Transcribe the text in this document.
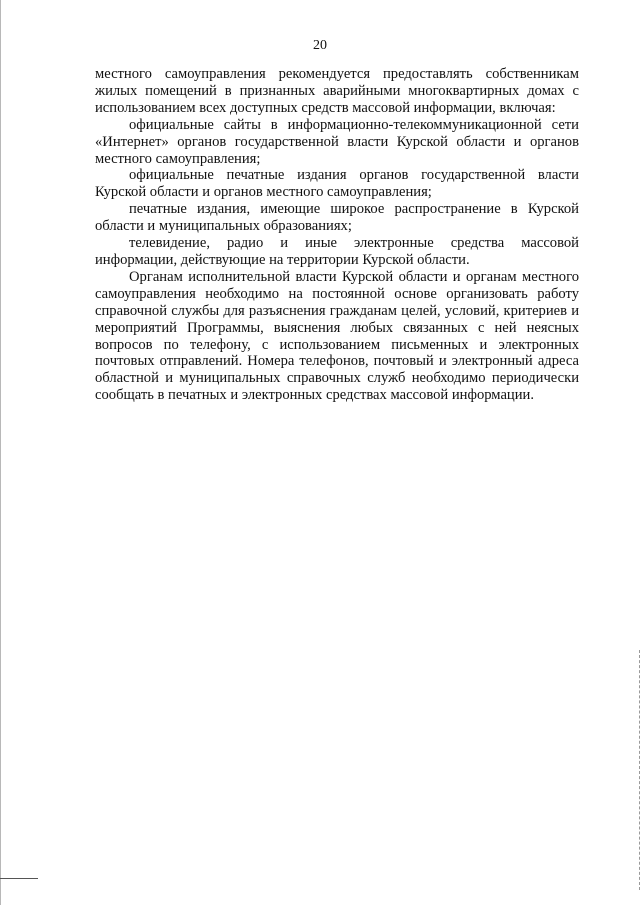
20

местного самоуправления рекомендуется предоставлять собственникам жилых помещений в признанных аварийными многоквартирных домах с использованием всех доступных средств массовой информации, включая:

официальные сайты в информационно-телекоммуникационной сети «Интернет» органов государственной власти Курской области и органов местного самоуправления;

официальные печатные издания органов государственной власти Курской области и органов местного самоуправления;

печатные издания, имеющие широкое распространение в Курской области и муниципальных образованиях;

телевидение, радио и иные электронные средства массовой информации, действующие на территории Курской области.

Органам исполнительной власти Курской области и органам местного самоуправления необходимо на постоянной основе организовать работу справочной службы для разъяснения гражданам целей, условий, критериев и мероприятий Программы, выяснения любых связанных с ней неясных вопросов по телефону, с использованием письменных и электронных почтовых отправлений. Номера телефонов, почтовый и электронный адреса областной и муниципальных справочных служб необходимо периодически сообщать в печатных и электронных средствах массовой информации.
